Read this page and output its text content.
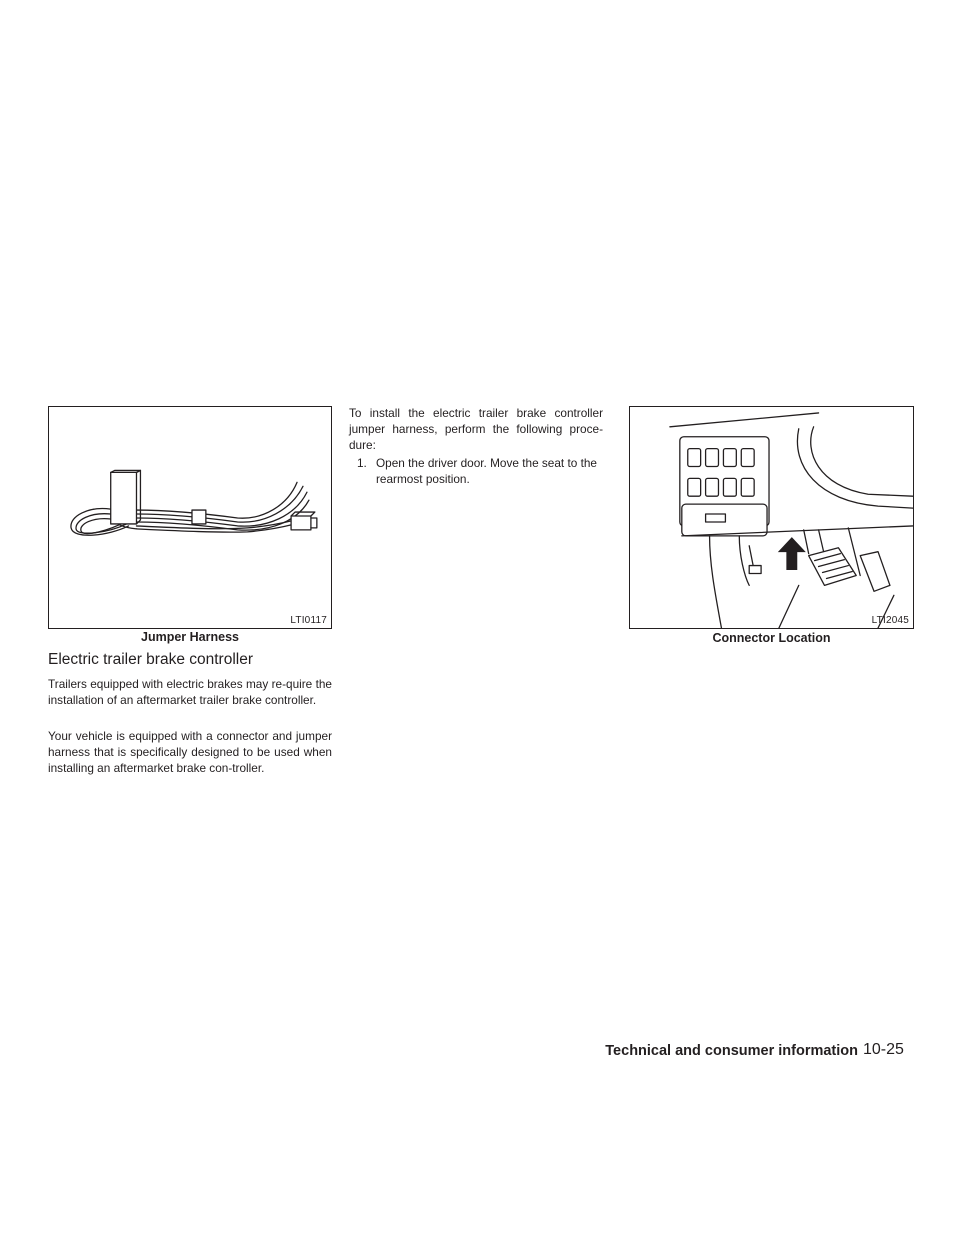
LTI0117
Jumper Harness
Electric trailer brake controller

Trailers equipped with electric brakes may re-quire the installation of an aftermarket trailer brake controller.

Your vehicle is equipped with a connector and jumper harness that is specifically designed to be used when installing an aftermarket brake con-troller.

To install the electric trailer brake controller jumper harness, perform the following proce-dure:

1. Open the driver door. Move the seat to the rearmost position.
LTI2045
Connector Location
Technical and consumer information 10-25
